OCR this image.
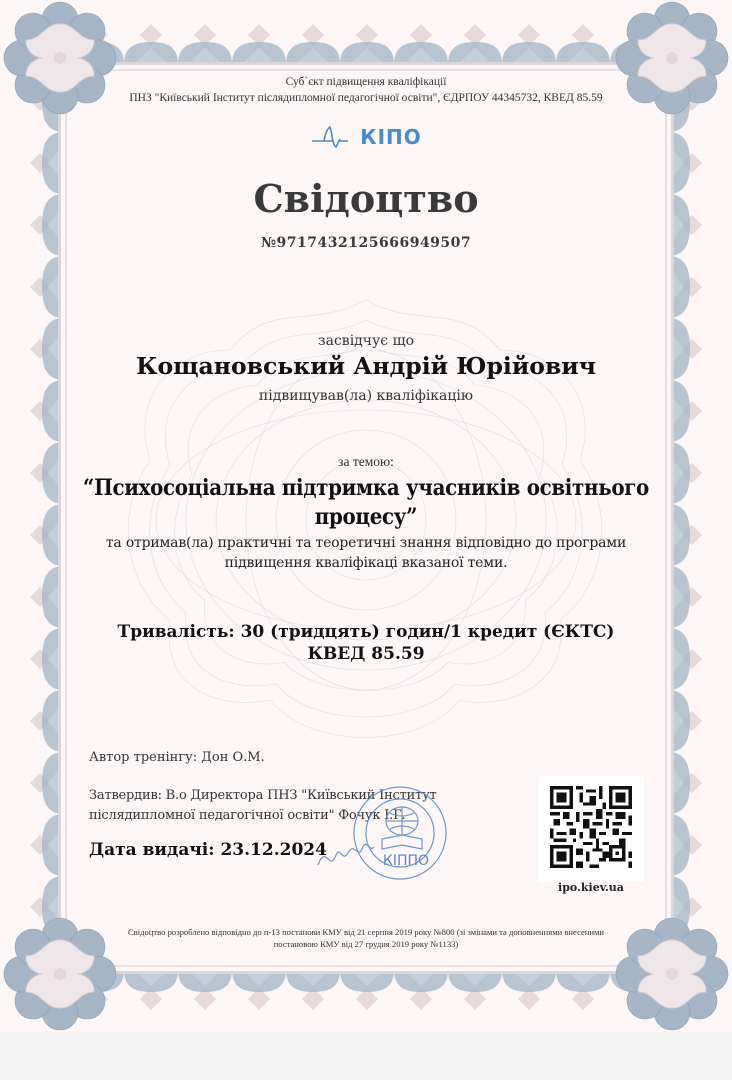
Суб`єкт підвищення кваліфікації
ПНЗ "Київський Інститут післядипломної педагогічної освіти", ЄДРПОУ 44345732, КВЕД 85.59
КІПО
Свідоцтво
№9717432125666949507
засвідчує що
Кощановський Андрій Юрійович
підвищував(ла) кваліфікацію
за темою:
“Психосоціальна підтримка учасників освітнього процесу”
та отримав(ла) практичні та теоретичні знання відповідно до програми підвищення кваліфікаці вказаної теми.
Тривалість: 30 (тридцять) годин/1 кредит (ЄКТС)
КВЕД 85.59
Автор тренінгу: Дон О.М.
Затвердив: В.о Директора ПНЗ "Київський Інститут післядипломної педагогічної освіти" Фочук І.Г.
Дата видачі: 23.12.2024
КІППО
ipo.kiev.ua
Свідоцтво розроблено відповідно до п-13 постанови КМУ від 21 серпня 2019 року №800 (зі змінами та доповненнями внесеними постановою КМУ від 27 грудня 2019 року №1133)
